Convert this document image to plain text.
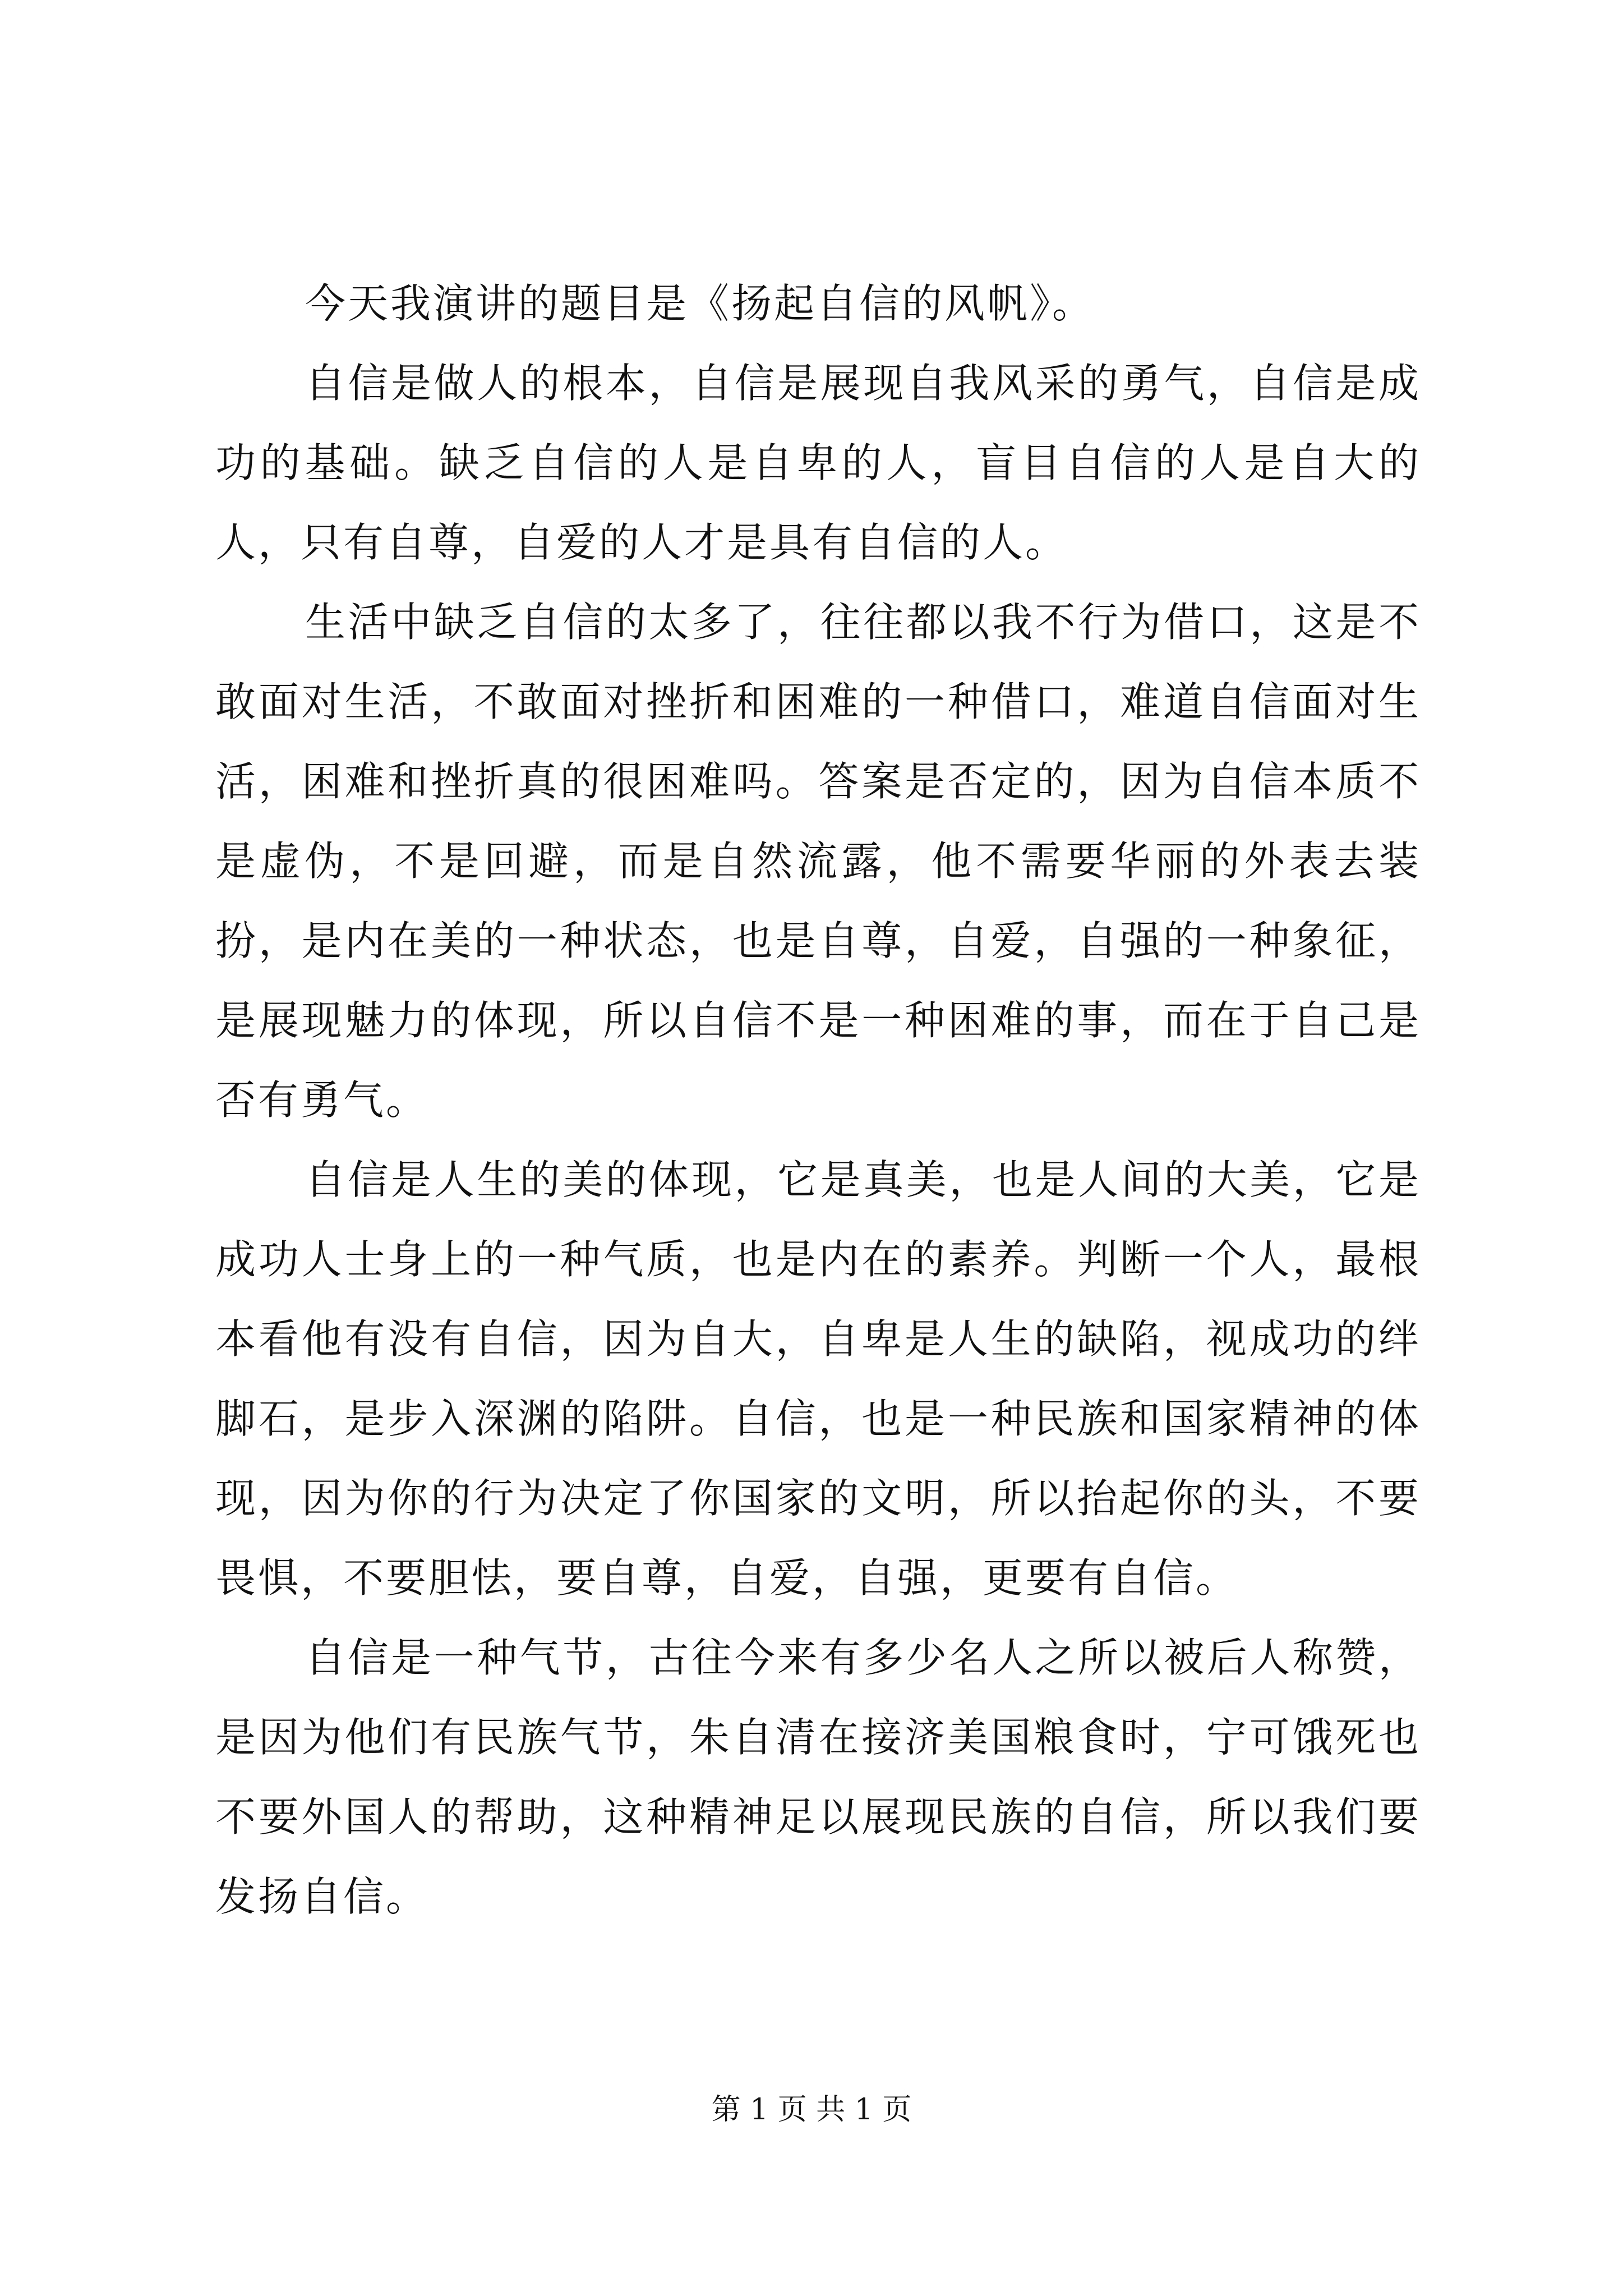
今天我演讲的题目是《扬起自信的风帆》。

自信是做人的根本，自信是展现自我风采的勇气，自信是成功的基础。缺乏自信的人是自卑的人，盲目自信的人是自大的人，只有自尊，自爱的人才是具有自信的人。

生活中缺乏自信的太多了，往往都以我不行为借口，这是不敢面对生活，不敢面对挫折和困难的一种借口，难道自信面对生活，困难和挫折真的很困难吗。答案是否定的，因为自信本质不是虚伪，不是回避，而是自然流露，他不需要华丽的外表去装扮，是内在美的一种状态，也是自尊，自爱，自强的一种象征，是展现魅力的体现，所以自信不是一种困难的事，而在于自己是否有勇气。

自信是人生的美的体现，它是真美，也是人间的大美，它是成功人士身上的一种气质，也是内在的素养。判断一个人，最根本看他有没有自信，因为自大，自卑是人生的缺陷，视成功的绊脚石，是步入深渊的陷阱。自信，也是一种民族和国家精神的体现，因为你的行为决定了你国家的文明，所以抬起你的头，不要畏惧，不要胆怯，要自尊，自爱，自强，更要有自信。

自信是一种气节，古往今来有多少名人之所以被后人称赞，是因为他们有民族气节，朱自清在接济美国粮食时，宁可饿死也不要外国人的帮助，这种精神足以展现民族的自信，所以我们要发扬自信。

第 1 页 共 1 页
